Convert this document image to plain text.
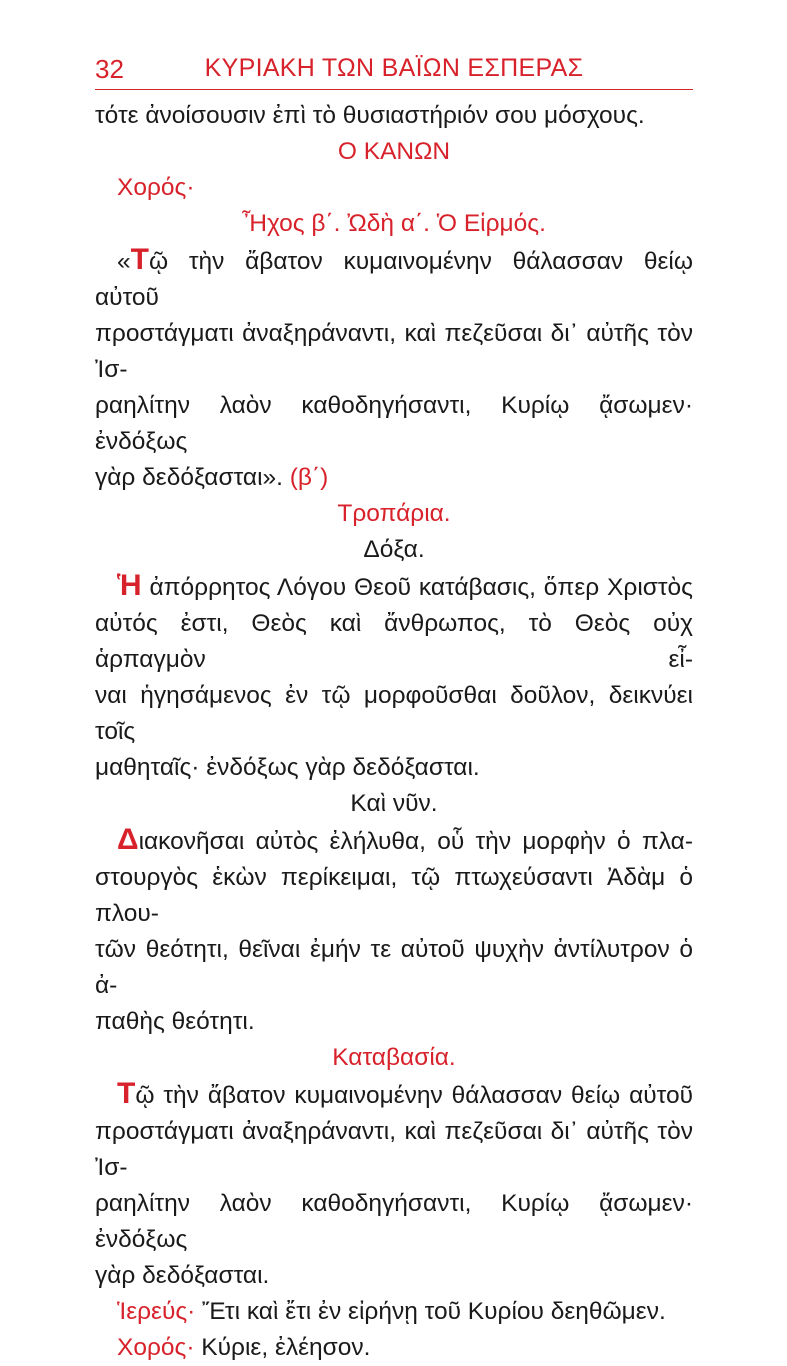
32	ΚΥΡΙΑΚΗ ΤΩΝ ΒΑΪΩΝ ΕΣΠΕΡΑΣ

τότε ἀνοίσουσιν ἐπὶ τὸ θυσιαστήριόν σου μόσχους.

Ο ΚΑΝΩΝ

Χορός·

Ἦχος β΄. Ὠδὴ α΄. Ὁ Εἱρμός.

«Τῷ τὴν ἄβατον κυμαινομένην θάλασσαν θείῳ αὐτοῦ

προστάγματι ἀναξηράναντι, καὶ πεζεῦσαι δι᾽ αὐτῆς τὸν Ἰσ-

ραηλίτην λαὸν καθοδηγήσαντι, Κυρίῳ ᾄσωμεν· ἐνδόξως

γὰρ δεδόξασται». (β΄)

Τροπάρια.

Δόξα.

Ἡ ἀπόρρητος Λόγου Θεοῦ κατάβασις, ὅπερ Χριστὸς

αὐτός ἐστι, Θεὸς καὶ ἄνθρωπος, τὸ Θεὸς οὐχ ἁρπαγμὸν εἶ-

ναι ἡγησάμενος ἐν τῷ μορφοῦσθαι δοῦλον, δεικνύει τοῖς

μαθηταῖς· ἐνδόξως γὰρ δεδόξασται.

Καὶ νῦν.

Διακονῆσαι αὐτὸς ἐλήλυθα, οὗ τὴν μορφὴν ὁ πλα-

στουργὸς ἑκὼν περίκειμαι, τῷ πτωχεύσαντι Ἀδὰμ ὁ πλου-

τῶν θεότητι, θεῖναι ἐμήν τε αὐτοῦ ψυχὴν ἀντίλυτρον ὁ ἀ-

παθὴς θεότητι.

Καταβασία.

Τῷ τὴν ἄβατον κυμαινομένην θάλασσαν θείῳ αὐτοῦ

προστάγματι ἀναξηράναντι, καὶ πεζεῦσαι δι᾽ αὐτῆς τὸν Ἰσ-

ραηλίτην λαὸν καθοδηγήσαντι, Κυρίῳ ᾄσωμεν· ἐνδόξως

γὰρ δεδόξασται.

Ἱερεύς· Ἔτι καὶ ἔτι ἐν εἰρήνῃ τοῦ Κυρίου δεηθῶμεν.

Χορός· Κύριε, ἐλέησον.
